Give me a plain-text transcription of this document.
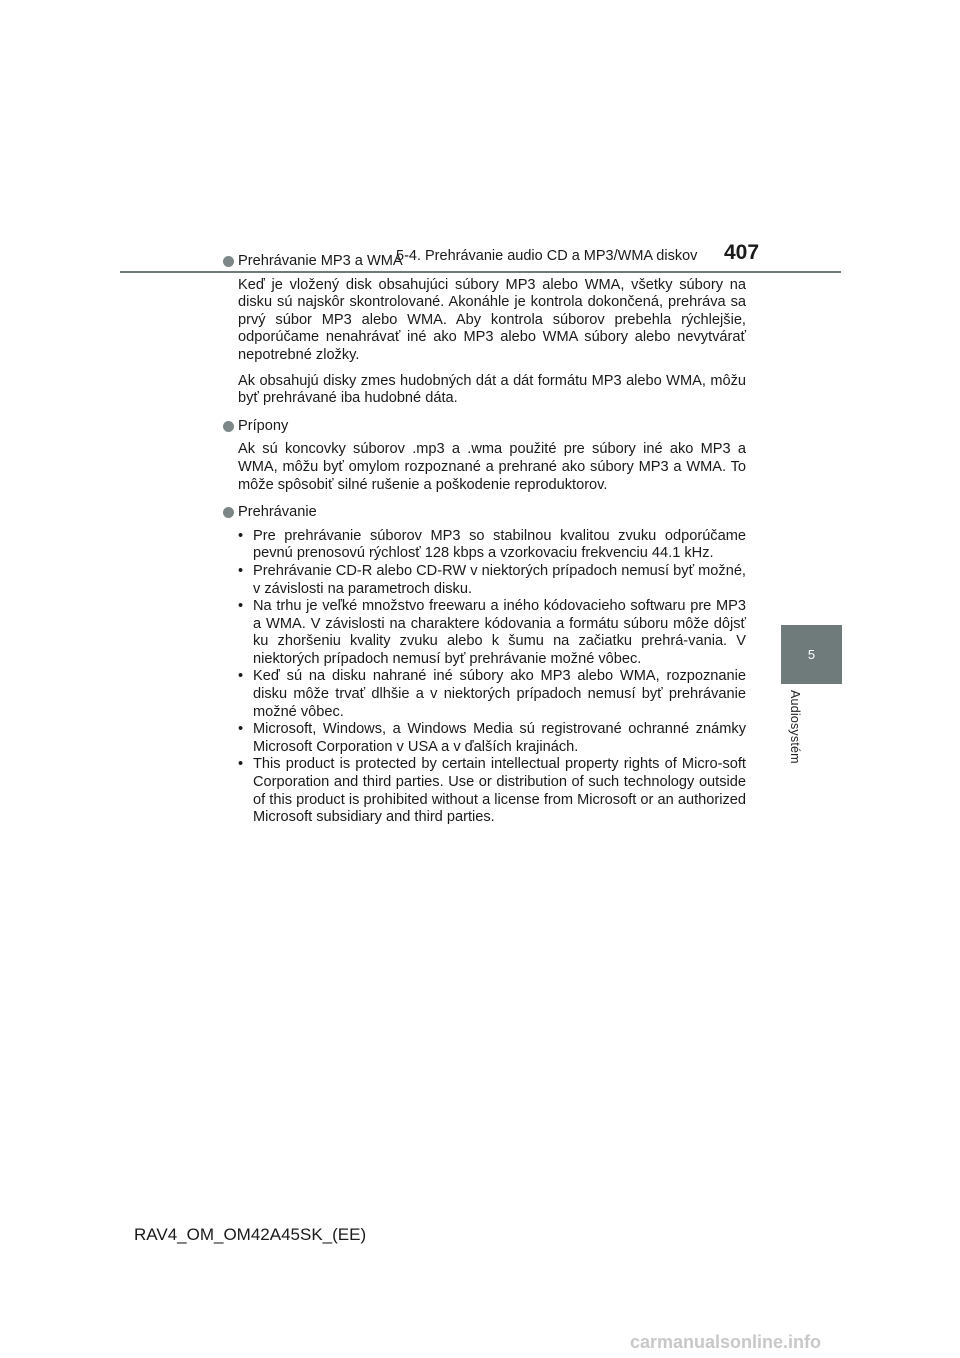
5-4. Prehrávanie audio CD a MP3/WMA diskov 407
5
Audiosystém
Prehrávanie MP3 a WMA

Keď je vložený disk obsahujúci súbory MP3 alebo WMA, všetky súbory na disku sú najskôr skontrolované. Akonáhle je kontrola dokončená, prehráva sa prvý súbor MP3 alebo WMA. Aby kontrola súborov prebehla rýchlejšie, odporúčame nenahrávať iné ako MP3 alebo WMA súbory alebo nevytvárať nepotrebné zložky.

Ak obsahujú disky zmes hudobných dát a dát formátu MP3 alebo WMA, môžu byť prehrávané iba hudobné dáta.

Prípony

Ak sú koncovky súborov .mp3 a .wma použité pre súbory iné ako MP3 a WMA, môžu byť omylom rozpoznané a prehrané ako súbory MP3 a WMA. To môže spôsobiť silné rušenie a poškodenie reproduktorov.

Prehrávanie
• Pre prehrávanie súborov MP3 so stabilnou kvalitou zvuku odporúčame pevnú prenosovú rýchlosť 128 kbps a vzorkovaciu frekvenciu 44.1 kHz.
• Prehrávanie CD-R alebo CD-RW v niektorých prípadoch nemusí byť možné, v závislosti na parametroch disku.
• Na trhu je veľké množstvo freewaru a iného kódovacieho softwaru pre MP3 a WMA. V závislosti na charaktere kódovania a formátu súboru môže dôjsť ku zhoršeniu kvality zvuku alebo k šumu na začiatku prehrá-vania. V niektorých prípadoch nemusí byť prehrávanie možné vôbec.
• Keď sú na disku nahrané iné súbory ako MP3 alebo WMA, rozpoznanie disku môže trvať dlhšie a v niektorých prípadoch nemusí byť prehrávanie možné vôbec.
• Microsoft, Windows, a Windows Media sú registrované ochranné známky Microsoft Corporation v USA a v ďalších krajinách.
• This product is protected by certain intellectual property rights of Micro-soft Corporation and third parties. Use or distribution of such technology outside of this product is prohibited without a license from Microsoft or an authorized Microsoft subsidiary and third parties.
RAV4_OM_OM42A45SK_(EE)
carmanualsonline.info
